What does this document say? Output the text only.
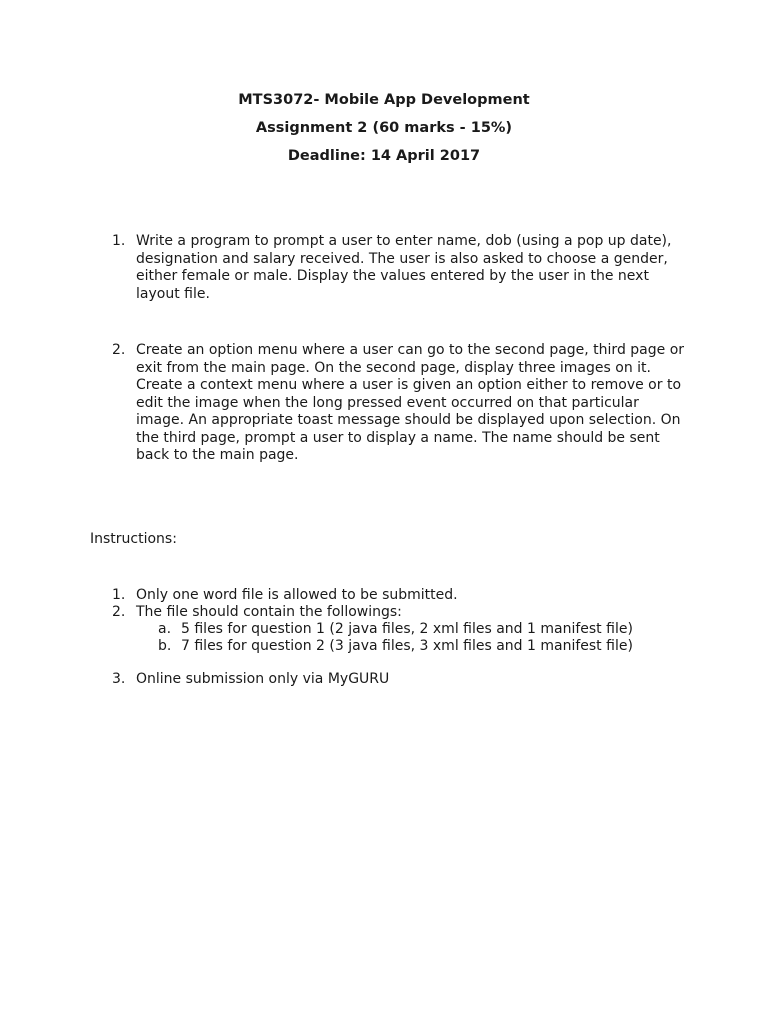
MTS3072- Mobile App Development
Assignment 2 (60 marks - 15%)
Deadline: 14 April 2017
1. Write a program to prompt a user to enter name, dob (using a pop up date), designation and salary received. The user is also asked to choose a gender, either female or male. Display the values entered by the user in the next layout file.
2. Create an option menu where a user can go to the second page, third page or exit from the main page. On the second page, display three images on it. Create a context menu where a user is given an option either to remove or to edit the image when the long pressed event occurred on that particular image. An appropriate toast message should be displayed upon selection. On the third page, prompt a user to display a name. The name should be sent back to the main page.
Instructions:
1. Only one word file is allowed to be submitted.
2. The file should contain the followings:
a. 5 files for question 1 (2 java files, 2 xml files and 1 manifest file)
b. 7 files for question 2 (3 java files, 3 xml files and 1 manifest file)
3. Online submission only via MyGURU
